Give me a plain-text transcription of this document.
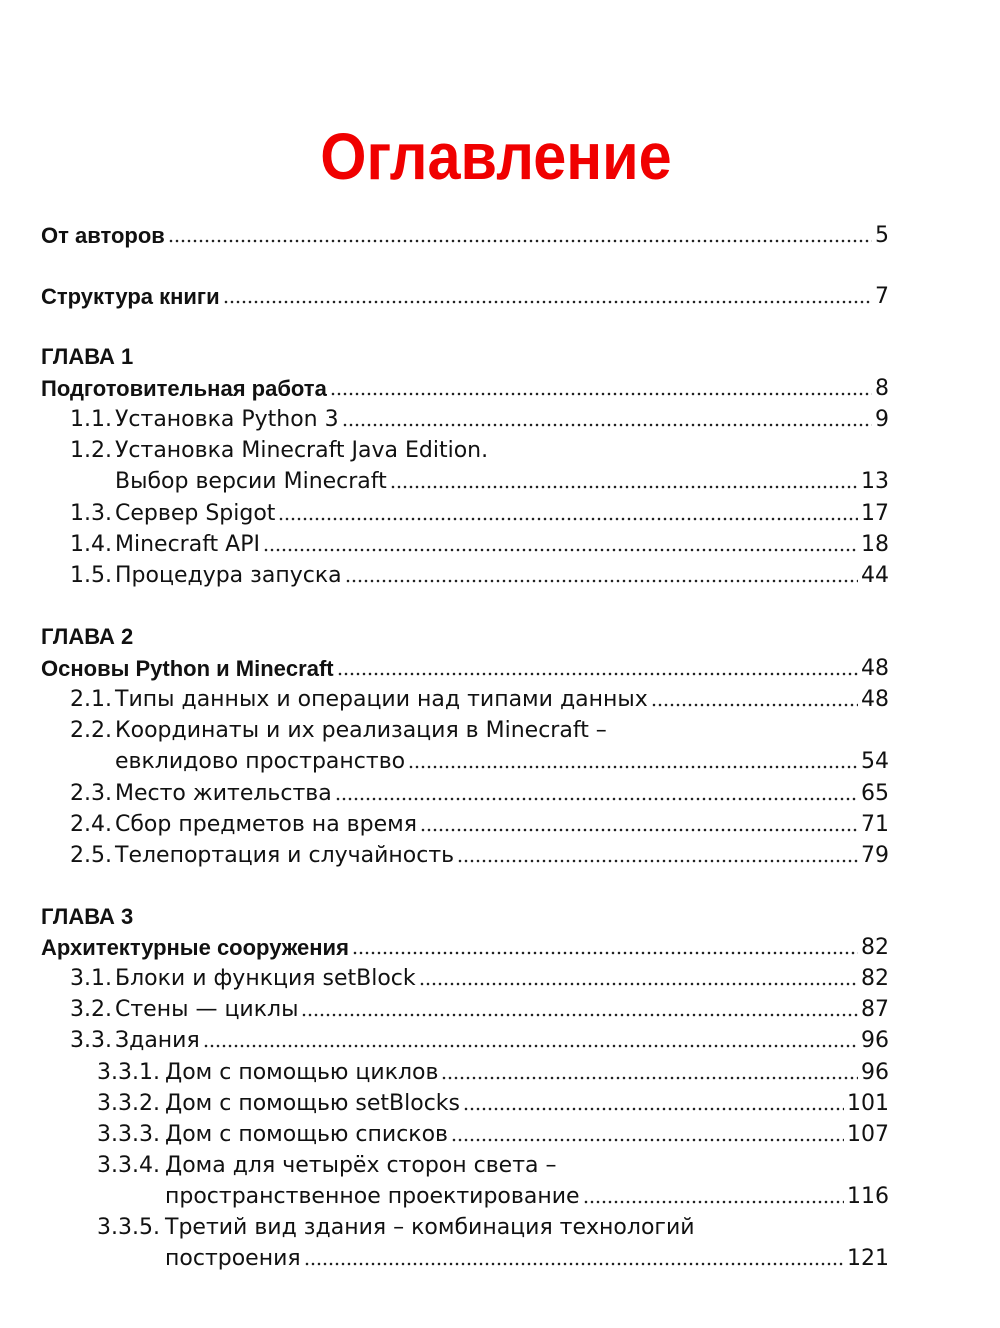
Оглавление
От авторов	5
Структура книги	7
ГЛАВА 1
Подготовительная работа	8
1.1. Установка Python 3	9
1.2. Установка Minecraft Java Edition.
Выбор версии Minecraft	13
1.3. Сервер Spigot	17
1.4. Minecraft API	18
1.5. Процедура запуска	44
ГЛАВА 2
Основы Python и Minecraft	48
2.1. Типы данных и операции над типами данных	48
2.2. Координаты и их реализация в Minecraft –
евклидово пространство	54
2.3. Место жительства	65
2.4. Сбор предметов на время	71
2.5. Телепортация и случайность	79
ГЛАВА 3
Архитектурные сооружения	82
3.1. Блоки и функция setBlock	82
3.2. Стены — циклы	87
3.3. Здания	96
3.3.1. Дом с помощью циклов	96
3.3.2. Дом с помощью setBlocks	101
3.3.3. Дом с помощью списков	107
3.3.4. Дома для четырёх сторон света –
пространственное проектирование	116
3.3.5. Третий вид здания – комбинация технологий
построения	121
